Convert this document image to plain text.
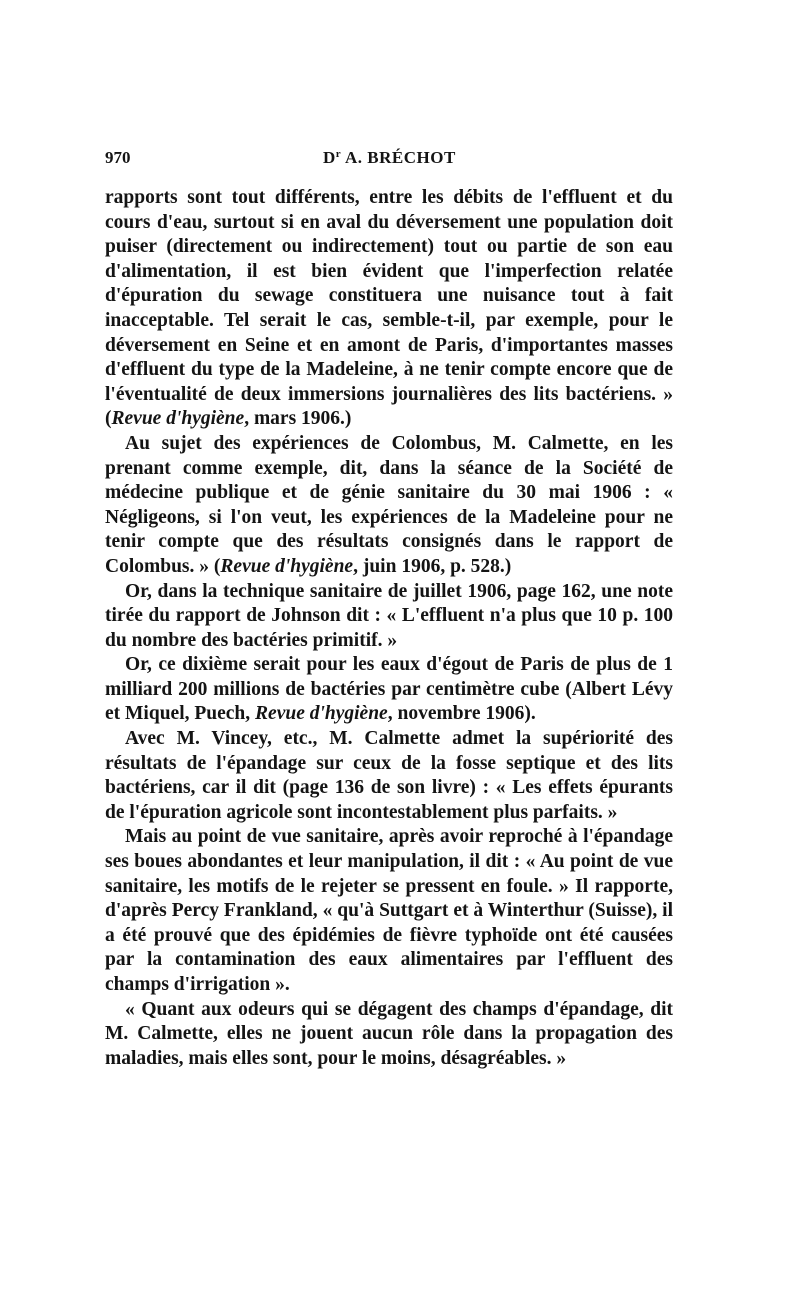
970	$D^r$ A. BRÉCHOT

rapports sont tout différents, entre les débits de l'effluent et du cours d'eau, surtout si en aval du déversement une population doit puiser (directement ou indirectement) tout ou partie de son eau d'alimentation, il est bien évident que l'imperfection relatée d'épuration du sewage constituera une nuisance tout à fait inacceptable. Tel serait le cas, semble-t-il, par exemple, pour le déversement en Seine et en amont de Paris, d'importantes masses d'effluent du type de la Madeleine, à ne tenir compte encore que de l'éventualité de deux immersions journalières des lits bactériens. » (Revue d'hygiène, mars 1906.)

Au sujet des expériences de Colombus, M. Calmette, en les prenant comme exemple, dit, dans la séance de la Société de médecine publique et de génie sanitaire du 30 mai 1906 : « Négligeons, si l'on veut, les expériences de la Madeleine pour ne tenir compte que des résultats consignés dans le rapport de Colombus. » (Revue d'hygiène, juin 1906, p. 528.)

Or, dans la technique sanitaire de juillet 1906, page 162, une note tirée du rapport de Johnson dit : « L'effluent n'a plus que 10 p. 100 du nombre des bactéries primitif. »

Or, ce dixième serait pour les eaux d'égout de Paris de plus de 1 milliard 200 millions de bactéries par centimètre cube (Albert Lévy et Miquel, Puech, Revue d'hygiène, novembre 1906).

Avec M. Vincey, etc., M. Calmette admet la supériorité des résultats de l'épandage sur ceux de la fosse septique et des lits bactériens, car il dit (page 136 de son livre) : « Les effets épurants de l'épuration agricole sont incontestablement plus parfaits. »

Mais au point de vue sanitaire, après avoir reproché à l'épandage ses boues abondantes et leur manipulation, il dit : « Au point de vue sanitaire, les motifs de le rejeter se pressent en foule. » Il rapporte, d'après Percy Frankland, « qu'à Suttgart et à Winterthur (Suisse), il a été prouvé que des épidémies de fièvre typhoïde ont été causées par la contamination des eaux alimentaires par l'effluent des champs d'irrigation ».

« Quant aux odeurs qui se dégagent des champs d'épandage, dit M. Calmette, elles ne jouent aucun rôle dans la propagation des maladies, mais elles sont, pour le moins, désagréables. »
